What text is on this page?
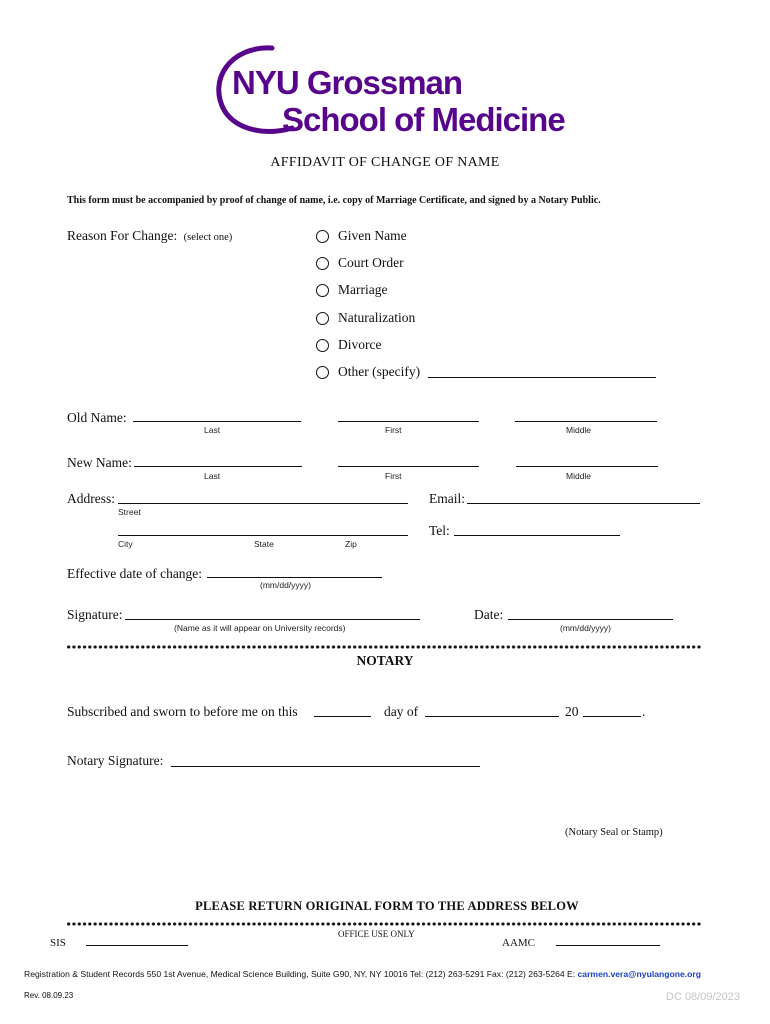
NYU Grossman
School of Medicine
AFFIDAVIT OF CHANGE OF NAME
This form must be accompanied by proof of change of name, i.e. copy of Marriage Certificate, and signed by a Notary Public.
Reason For Change: (select one)	Given Name
Court Order
Marriage
Naturalization
Divorce
Other (specify)
Old Name:
Last	First	Middle
New Name:
Last	First	Middle
Address:
Street
City	State	Zip
Email:
Tel:
Effective date of change:
(mm/dd/yyyy)
Signature:
(Name as it will appear on University records)
Date:
(mm/dd/yyyy)
NOTARY
Subscribed and sworn to before me on this	day of	20	.
Notary Signature:
(Notary Seal or Stamp)
PLEASE RETURN ORIGINAL FORM TO THE ADDRESS BELOW
OFFICE USE ONLY
SIS	AAMC
Registration & Student Records 550 1st Avenue, Medical Science Building, Suite G90, NY, NY 10016 Tel: (212) 263-5291 Fax: (212) 263-5264 E: carmen.vera@nyulangone.org
Rev. 08.09.23	DC 08/09/2023
